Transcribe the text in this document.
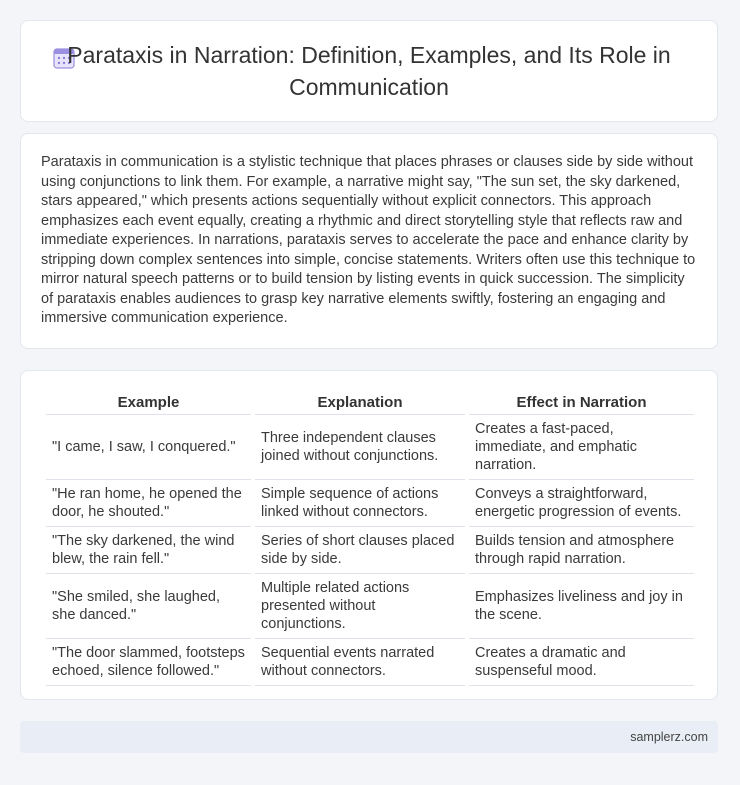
Parataxis in Narration: Definition, Examples, and Its Role in Communication

Parataxis in communication is a stylistic technique that places phrases or clauses side by side without using conjunctions to link them. For example, a narrative might say, "The sun set, the sky darkened, stars appeared," which presents actions sequentially without explicit connectors. This approach emphasizes each event equally, creating a rhythmic and direct storytelling style that reflects raw and immediate experiences. In narrations, parataxis serves to accelerate the pace and enhance clarity by stripping down complex sentences into simple, concise statements. Writers often use this technique to mirror natural speech patterns or to build tension by listing events in quick succession. The simplicity of parataxis enables audiences to grasp key narrative elements swiftly, fostering an engaging and immersive communication experience.

Example	Explanation	Effect in Narration
"I came, I saw, I conquered."	Three independent clauses joined without conjunctions.	Creates a fast-paced, immediate, and emphatic narration.
"He ran home, he opened the door, he shouted."	Simple sequence of actions linked without connectors.	Conveys a straightforward, energetic progression of events.
"The sky darkened, the wind blew, the rain fell."	Series of short clauses placed side by side.	Builds tension and atmosphere through rapid narration.
"She smiled, she laughed, she danced."	Multiple related actions presented without conjunctions.	Emphasizes liveliness and joy in the scene.
"The door slammed, footsteps echoed, silence followed."	Sequential events narrated without connectors.	Creates a dramatic and suspenseful mood.
samplerz.com
